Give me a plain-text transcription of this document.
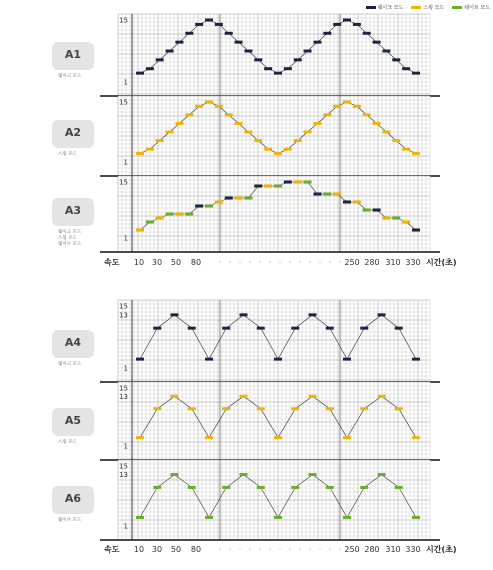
웨이크 모드	스윙 모드	웨이브 모드
A1
웨이크 모드
A2
스윙 모드
A3
웨이크 모드
스윙 모드
웨이브 모드
A4
웨이크 모드
A5
스윙 모드
A6
웨이브 모드
15
1
15
1
15
1
15
13
1
15
13
1
15
13
1
속도 10 30 50 80	250 280 310 330 시간(초)
속도 10 30 50 80	250 280 310 330 시간(초)
